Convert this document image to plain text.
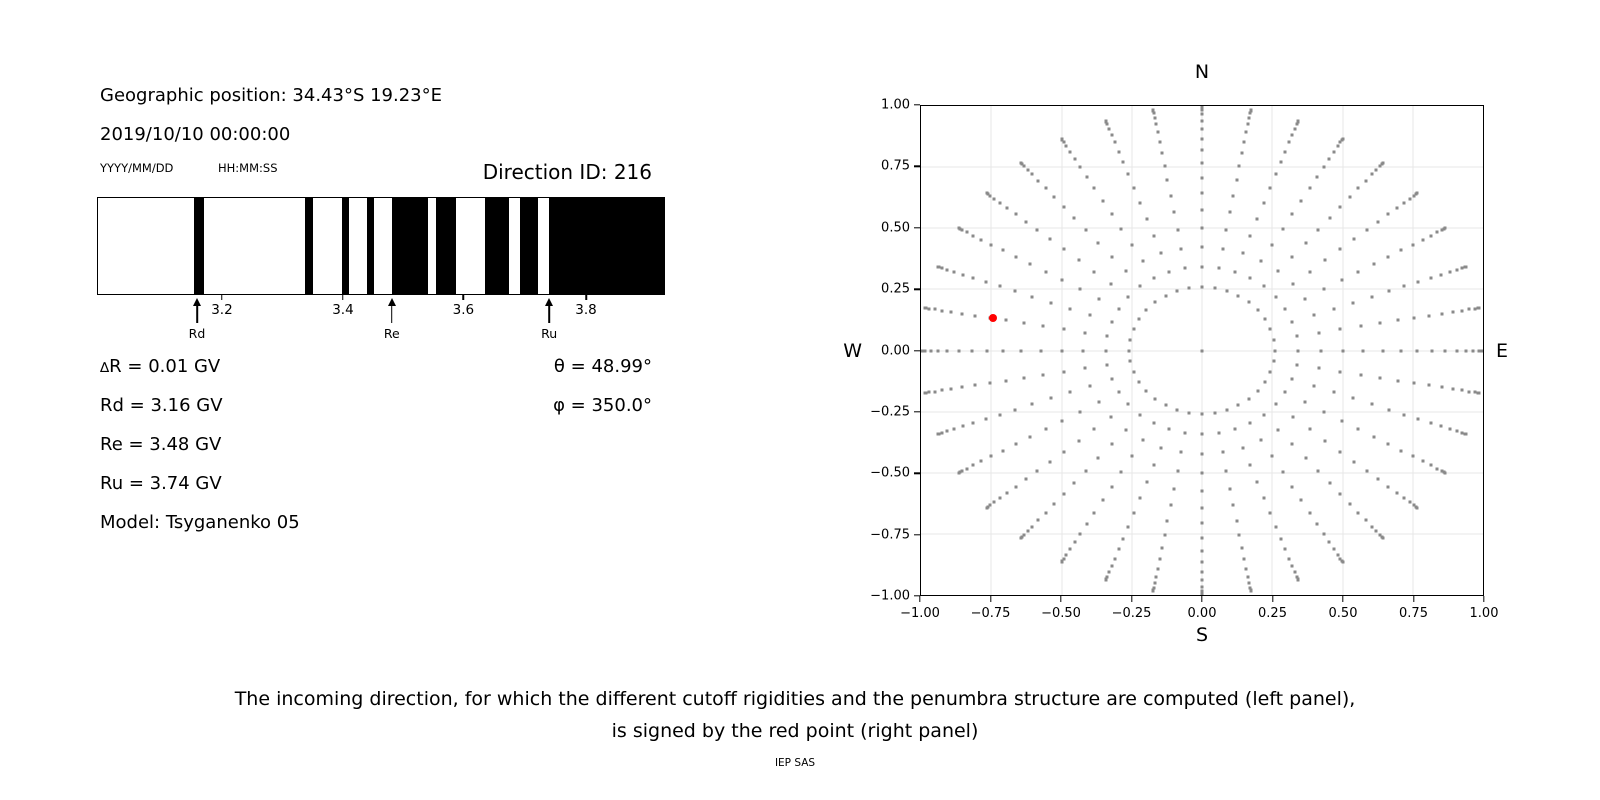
Geographic position: 34.43°S 19.23°E
2019/10/10 00:00:00
YYYY/MM/DD	HH:MM:SS	Direction ID: 216
3.2	3.4	3.6	3.8
Rd	Re	Ru
∆R = 0.01 GV
Rd = 3.16 GV
Re = 3.48 GV
Ru = 3.74 GV
Model: Tsyganenko 05
θ = 48.99°
φ = 350.0°
N
S
W	E
−1.00
−1.00
−0.75
−0.75
−0.50
−0.50
−0.25
−0.25
0.00
0.00
0.25
0.25
0.50
0.50
0.75
0.75
1.00
1.00
The incoming direction, for which the different cutoff rigidities and the penumbra structure are computed (left panel),
is signed by the red point (right panel)
IEP SAS
